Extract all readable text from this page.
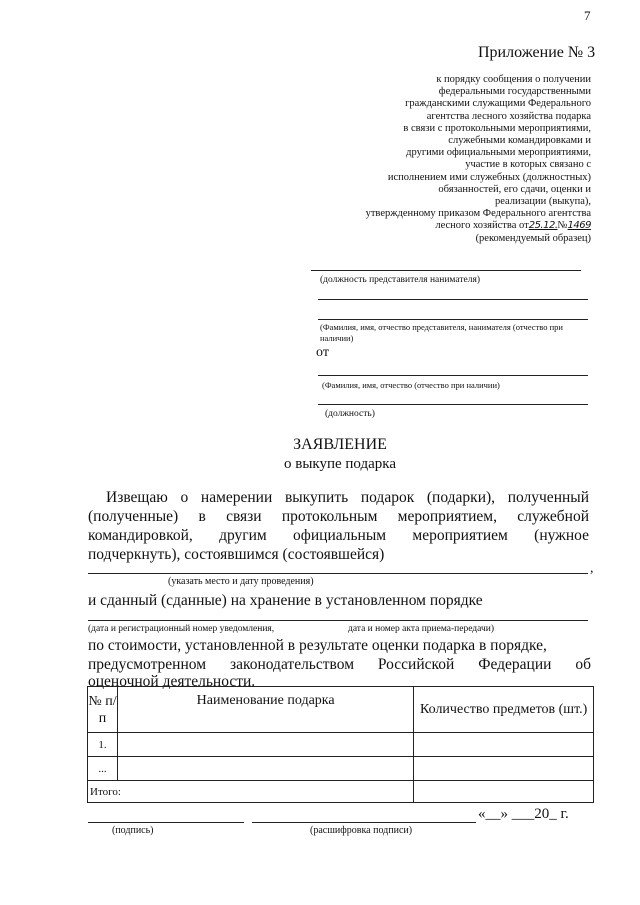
7
Приложение № 3
к порядку сообщения о получении
федеральными государственными
гражданскими служащими Федерального
агентства лесного хозяйства подарка
в связи с протокольными мероприятиями,
служебными командировками и
другими официальными мероприятиями,
участие в которых связано с
исполнением ими служебных (должностных)
обязанностей, его сдачи, оценки и
реализации (выкупа),
утвержденному приказом Федерального агентства
лесного хозяйства от25.12.№1469
(рекомендуемый образец)
(должность представителя нанимателя)
(Фамилия, имя, отчество представителя, нанимателя (отчество при наличии)
от
(Фамилия, имя, отчество (отчество при наличии)
(должность)
ЗАЯВЛЕНИЕ
о выкупе подарка
Извещаю о намерении выкупить подарок (подарки), полученный
(полученные) в связи протокольным мероприятием, служебной
командировкой, другим официальным мероприятием (нужное
подчеркнуть), состоявшимся (состоявшейся)
,
(указать место и дату проведения)
и сданный (сданные) на хранение в установленном порядке
(дата и регистрационный номер уведомления,	дата и номер акта приема-передачи)
по стоимости, установленной в результате оценки подарка в порядке,
предусмотренном законодательством Российской Федерации об
оценочной деятельности.
№ п/п	Наименование подарка	Количество предметов (шт.)
1.		
...		
Итого:		
«__» ___20_ г.
(подпись)	(расшифровка подписи)
